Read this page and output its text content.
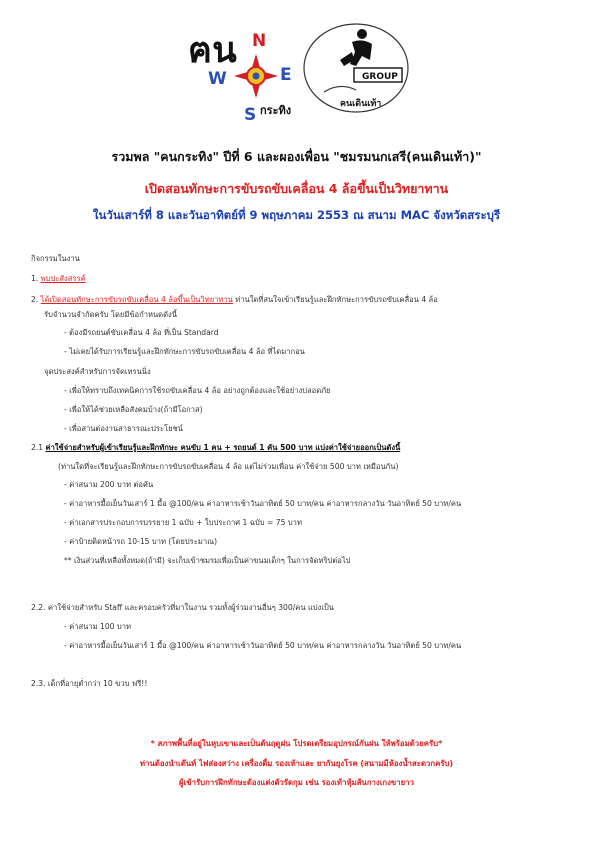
ฅน N
W	E
S กระทิง
GROUP
คนเดินเท้า
รวมพล "คนกระทิง" ปีที่ 6 และผองเพื่อน "ชมรมนกเสรี(คนเดินเท้า)"
เปิดสอนทักษะการขับรถขับเคลื่อน 4 ล้อขึ้นเป็นวิทยาทาน
ในวันเสาร์ที่ 8 และวันอาทิตย์ที่ 9 พฤษภาคม 2553 ณ สนาม MAC จังหวัดสระบุรี
กิจกรรมในงาน
1. พบปะสังสรรค์
2. ได้เปิดสอนทักษะการขับรถขับเคลื่อน 4 ล้อขึ้นเป็นวิทยาทาน ท่านใดที่สนใจเข้าเรียนรู้และฝึกทักษะการขับรถขับเคลื่อน 4 ล้อ
รับจำนวนจำกัดครับ โดยมีข้อกำหนดดังนี้
- ต้องมีรถยนต์ขับเคลื่อน 4 ล้อ ที่เป็น Standard
- ไม่เคยได้รับการเรียนรู้และฝึกทักษะการขับรถขับเคลื่อน 4 ล้อ ที่ไดมากอน
จุดประสงค์สำหรับการจัดเทรนนิ่ง
- เพื่อให้ทราบถึงเทคนิคการใช้รถขับเคลื่อน 4 ล้อ อย่างถูกต้องและใช้อย่างปลอดภัย
- เพื่อให้ได้ช่วยเหลือสังคมบ้าง(ถ้ามีโอกาส)
- เพื่อสานต่องานสาธารณะประโยชน์
2.1 ค่าใช้จ่ายสำหรับผู้เข้าเรียนรู้และฝึกทักษะ คนขับ 1 คน + รถยนต์ 1 คัน 500 บาท แบ่งค่าใช้จ่ายออกเป็นดังนี้
(ท่านใดที่จะเรียนรู้และฝึกทักษะการขับรถขับเคลื่อน 4 ล้อ แต่ไม่ร่วมเพื่อน ค่าใช้จ่าย 500 บาท เหมือนกัน)
- ค่าสนาม 200 บาท ต่อคัน
- ค่าอาหารมื้อเย็นวันเสาร์ 1 มื้อ @100/คน ค่าอาหารเช้าวันอาทิตย์ 50 บาท/คน ค่าอาหารกลางวัน วันอาทิตย์ 50 บาท/คน
- ค่าเอกสารประกอบการบรรยาย 1 ฉบับ + ใบประกาศ 1 ฉบับ = 75 บาท
- ค่าป้ายติดหน้ารถ 10-15 บาท (โดยประมาณ)
** เงินส่วนที่เหลือทั้งหมด(ถ้ามี) จะเก็บเข้าชมรมเพื่อเป็นค่าขนมเด็กๆ ในการจัดทริปต่อไป
2.2. ค่าใช้จ่ายสำหรับ Staff และครอบครัวที่มาในงาน รวมทั้งผู้ร่วมงานอื่นๆ 300/คน แบ่งเป็น
- ค่าสนาม 100 บาท
- ค่าอาหารมื้อเย็นวันเสาร์ 1 มื้อ @100/คน ค่าอาหารเช้าวันอาทิตย์ 50 บาท/คน ค่าอาหารกลางวัน วันอาทิตย์ 50 บาท/คน
2.3. เด็กที่อายุต่ำกว่า 10 ขวบ ฟรี!!
* สภาพพื้นที่อยู่ในหุบเขาและเป็นต้นฤดูฝน โปรดเตรียมอุปกรณ์กันฝน ให้พร้อมด้วยครับ*
ท่านต้องนำเต๊นท์ ไฟส่องสว่าง เครื่องดื่ม รองเท้าและ ยากันยุงโรค (สนามมีห้องน้ำสะดวกครับ)
ผู้เข้ารับการฝึกทักษะต้องแต่งตัวรัดกุม เช่น รองเท้าหุ้มส้นกางเกงขายาว
